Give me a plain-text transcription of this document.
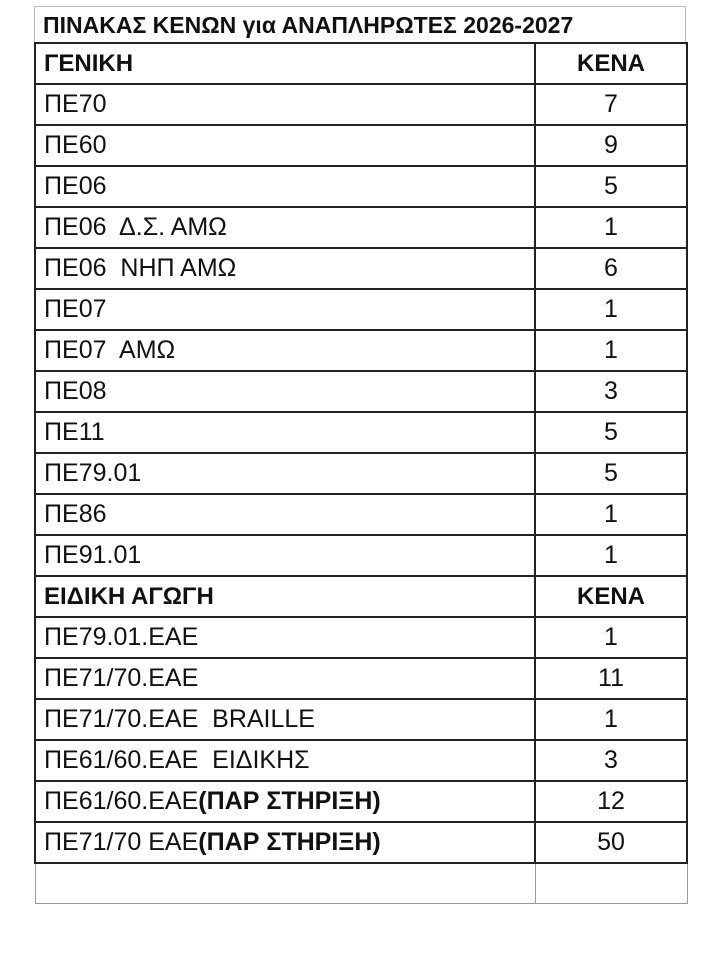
ΠΙΝΑΚΑΣ ΚΕΝΩΝ για ΑΝΑΠΛΗΡΩΤΕΣ 2026-2027
ΓΕΝΙΚΗ	ΚΕΝΑ
ΠΕ70	7
ΠΕ60	9
ΠΕ06	5
ΠΕ06  Δ.Σ. ΑΜΩ	1
ΠΕ06  ΝΗΠ ΑΜΩ	6
ΠΕ07	1
ΠΕ07  ΑΜΩ	1
ΠΕ08	3
ΠΕ11	5
ΠΕ79.01	5
ΠΕ86	1
ΠΕ91.01	1
ΕΙΔΙΚΗ ΑΓΩΓΗ	ΚΕΝΑ
ΠΕ79.01.ΕΑΕ	1
ΠΕ71/70.ΕΑΕ	11
ΠΕ71/70.ΕΑΕ  BRAILLE	1
ΠΕ61/60.ΕΑΕ  ΕΙΔΙΚΗΣ	3
ΠΕ61/60.ΕΑΕ(ΠΑΡ ΣΤΗΡΙΞΗ)	12
ΠΕ71/70 ΕΑΕ(ΠΑΡ ΣΤΗΡΙΞΗ)	50
